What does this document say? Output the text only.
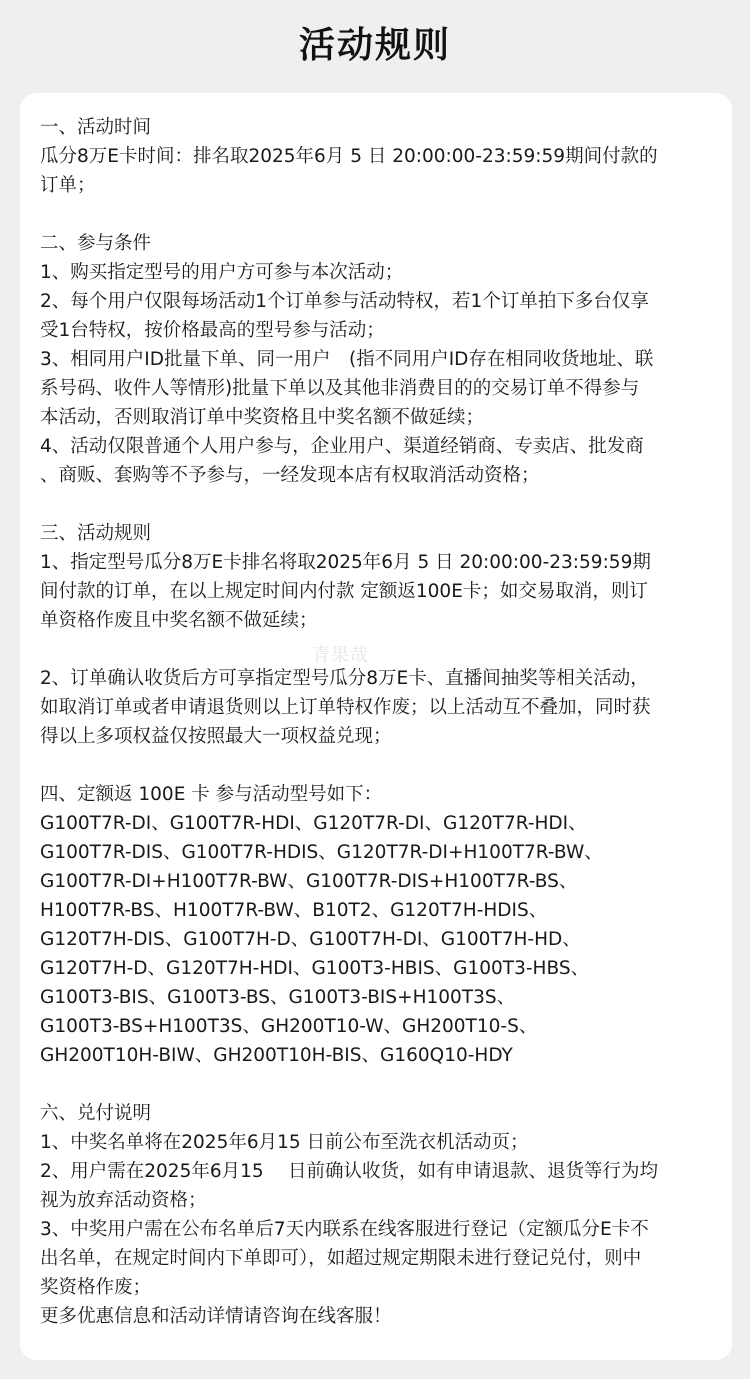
活动规则
青果哉
一、活动时间
瓜分8万E卡时间：排名取2025年6月 5 日 20:00:00-23:59:59期间付款的
订单；
二、参与条件
1、购买指定型号的用户方可参与本次活动；
2、每个用户仅限每场活动1个订单参与活动特权，若1个订单拍下多台仅享
受1台特权，按价格最高的型号参与活动；
3、相同用户ID批量下单、同一用户　(指不同用户ID存在相同收货地址、联
系号码、收件人等情形)批量下单以及其他非消费目的的交易订单不得参与
本活动，否则取消订单中奖资格且中奖名额不做延续；
4、活动仅限普通个人用户参与，企业用户、渠道经销商、专卖店、批发商
、商贩、套购等不予参与，一经发现本店有权取消活动资格；
三、活动规则
1、指定型号瓜分8万E卡排名将取2025年6月 5 日 20:00:00-23:59:59期
间付款的订单，在以上规定时间内付款 定额返100E卡；如交易取消，则订
单资格作废且中奖名额不做延续；
2、订单确认收货后方可享指定型号瓜分8万E卡、直播间抽奖等相关活动，
如取消订单或者申请退货则以上订单特权作废；以上活动互不叠加，同时获
得以上多项权益仅按照最大一项权益兑现；
四、定额返 100E 卡 参与活动型号如下：
G100T7R-DI、G100T7R-HDI、G120T7R-DI、G120T7R-HDI、
G100T7R-DIS、G100T7R-HDIS、G120T7R-DI+H100T7R-BW、
G100T7R-DI+H100T7R-BW、G100T7R-DIS+H100T7R-BS、
H100T7R-BS、H100T7R-BW、B10T2、G120T7H-HDIS、
G120T7H-DIS、G100T7H-D、G100T7H-DI、G100T7H-HD、
G120T7H-D、G120T7H-HDI、G100T3-HBIS、G100T3-HBS、
G100T3-BIS、G100T3-BS、G100T3-BIS+H100T3S、
G100T3-BS+H100T3S、GH200T10-W、GH200T10-S、
GH200T10H-BIW、GH200T10H-BIS、G160Q10-HDY
六、兑付说明
1、中奖名单将在2025年6月15 日前公布至洗衣机活动页；
2、用户需在2025年6月15　 日前确认收货，如有申请退款、退货等行为均
视为放弃活动资格；
3、中奖用户需在公布名单后7天内联系在线客服进行登记（定额瓜分E卡不
出名单，在规定时间内下单即可），如超过规定期限未进行登记兑付，则中
奖资格作废；
更多优惠信息和活动详情请咨询在线客服！
